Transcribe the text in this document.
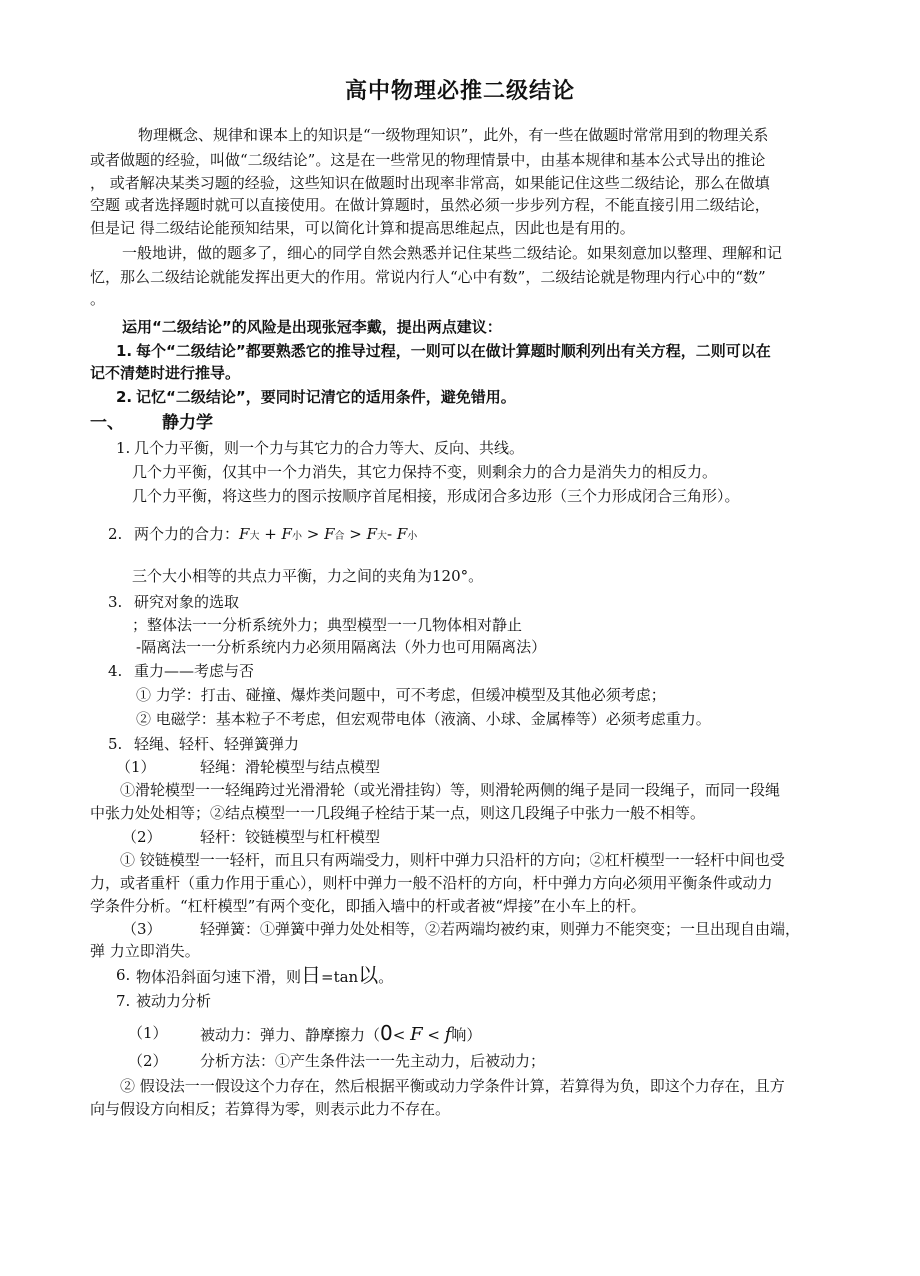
高中物理必推二级结论
物理概念、规律和课本上的知识是“一级物理知识”，此外，有一些在做题时常常用到的物理关系
或者做题的经验，叫做“二级结论”。这是在一些常见的物理情景中，由基本规律和基本公式导出的推论
， 或者解决某类习题的经验，这些知识在做题时出现率非常高，如果能记住这些二级结论，那么在做填
空题 或者选择题时就可以直接使用。在做计算题时，虽然必须一步步列方程，不能直接引用二级结论，
但是记 得二级结论能预知结果，可以简化计算和提高思维起点，因此也是有用的。
一般地讲，做的题多了，细心的同学自然会熟悉并记住某些二级结论。如果刻意加以整理、理解和记
忆，那么二级结论就能发挥出更大的作用。常说内行人“心中有数”，二级结论就是物理内行心中的“数”
。
运用“二级结论”的风险是出现张冠李戴，提出两点建议：
1. 每个“二级结论”都要熟悉它的推导过程，一则可以在做计算题时顺利列出有关方程，二则可以在
记不清楚时进行推导。
2. 记忆“二级结论”，要同时记清它的适用条件，避免错用。
一、 静力学
1. 几个力平衡，则一个力与其它力的合力等大、反向、共线。
几个力平衡，仅其中一个力消失，其它力保持不变，则剩余力的合力是消失力的相反力。
几个力平衡，将这些力的图示按顺序首尾相接，形成闭合多边形（三个力形成闭合三角形）。
2. 两个力的合力：F大 + F小 > F合 > F大- F小
三个大小相等的共点力平衡，力之间的夹角为120°。
3. 研究对象的选取
；整体法一一分析系统外力；典型模型一一几物体相对静止
-隔离法一一分析系统内力必须用隔离法（外力也可用隔离法）
4. 重力——考虑与否
① 力学：打击、碰撞、爆炸类问题中，可不考虑，但缓冲模型及其他必须考虑；
② 电磁学：基本粒子不考虑，但宏观带电体（液滴、小球、金属棒等）必须考虑重力。
5. 轻绳、轻杆、轻弹簧弹力
（1）	轻绳：滑轮模型与结点模型
①滑轮模型一一轻绳跨过光滑滑轮（或光滑挂钩）等，则滑轮两侧的绳子是同一段绳子，而同一段绳
中张力处处相等；②结点模型一一几段绳子栓结于某一点，则这几段绳子中张力一般不相等。
（2）	轻杆：铰链模型与杠杆模型
① 铰链模型一一轻杆，而且只有两端受力，则杆中弹力只沿杆的方向；②杠杆模型一一轻杆中间也受
力，或者重杆（重力作用于重心），则杆中弹力一般不沿杆的方向，杆中弹力方向必须用平衡条件或动力
学条件分析。“杠杆模型”有两个变化，即插入墙中的杆或者被“焊接”在小车上的杆。
（3）	轻弹簧：①弹簧中弹力处处相等，②若两端均被约束，则弹力不能突变；一旦出现自由端，
弹 力立即消失。
6. 物体沿斜面匀速下滑，则日=tan以。
7. 被动力分析
（1） 被动力：弹力、静摩擦力（0< F < f响）
（2） 分析方法：①产生条件法一一先主动力，后被动力；
② 假设法一一假设这个力存在，然后根据平衡或动力学条件计算，若算得为负，即这个力存在，且方
向与假设方向相反；若算得为零，则表示此力不存在。
